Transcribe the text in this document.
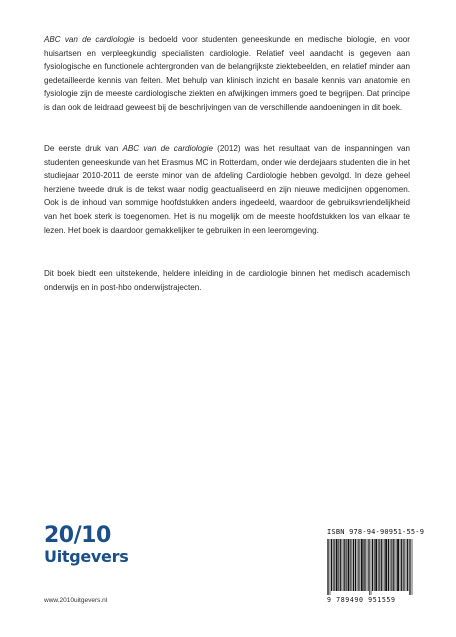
ABC van de cardiologie is bedoeld voor studenten geneeskunde en medische biologie, en voor huisartsen en verpleegkundig specialisten cardiologie. Relatief veel aandacht is gegeven aan fysiologische en functionele achtergronden van de belangrijkste ziektebeelden, en relatief minder aan gedetailleerde kennis van feiten. Met behulp van klinisch inzicht en basale kennis van anatomie en fysiologie zijn de meeste cardiologische ziekten en afwijkingen immers goed te begrijpen. Dat principe is dan ook de leidraad geweest bij de beschrijvingen van de verschillende aandoeningen in dit boek.

De eerste druk van ABC van de cardiologie (2012) was het resultaat van de inspanningen van studenten geneeskunde van het Erasmus MC in Rotterdam, onder wie derdejaars studenten die in het studiejaar 2010-2011 de eerste minor van de afdeling Cardiologie hebben gevolgd. In deze geheel herziene tweede druk is de tekst waar nodig geactualiseerd en zijn nieuwe medicijnen opgenomen. Ook is de inhoud van sommige hoofdstukken anders ingedeeld, waardoor de gebruiksvriendelijkheid van het boek sterk is toegenomen. Het is nu mogelijk om de meeste hoofdstukken los van elkaar te lezen. Het boek is daardoor gemakkelijker te gebruiken in een leeromgeving.

Dit boek biedt een uitstekende, heldere inleiding in de cardiologie binnen het medisch academisch onderwijs en in post-hbo onderwijstrajecten.

20/10
Uitgevers
www.2010uitgevers.nl

ISBN 978-94-90951-55-9

9 789490 951559
